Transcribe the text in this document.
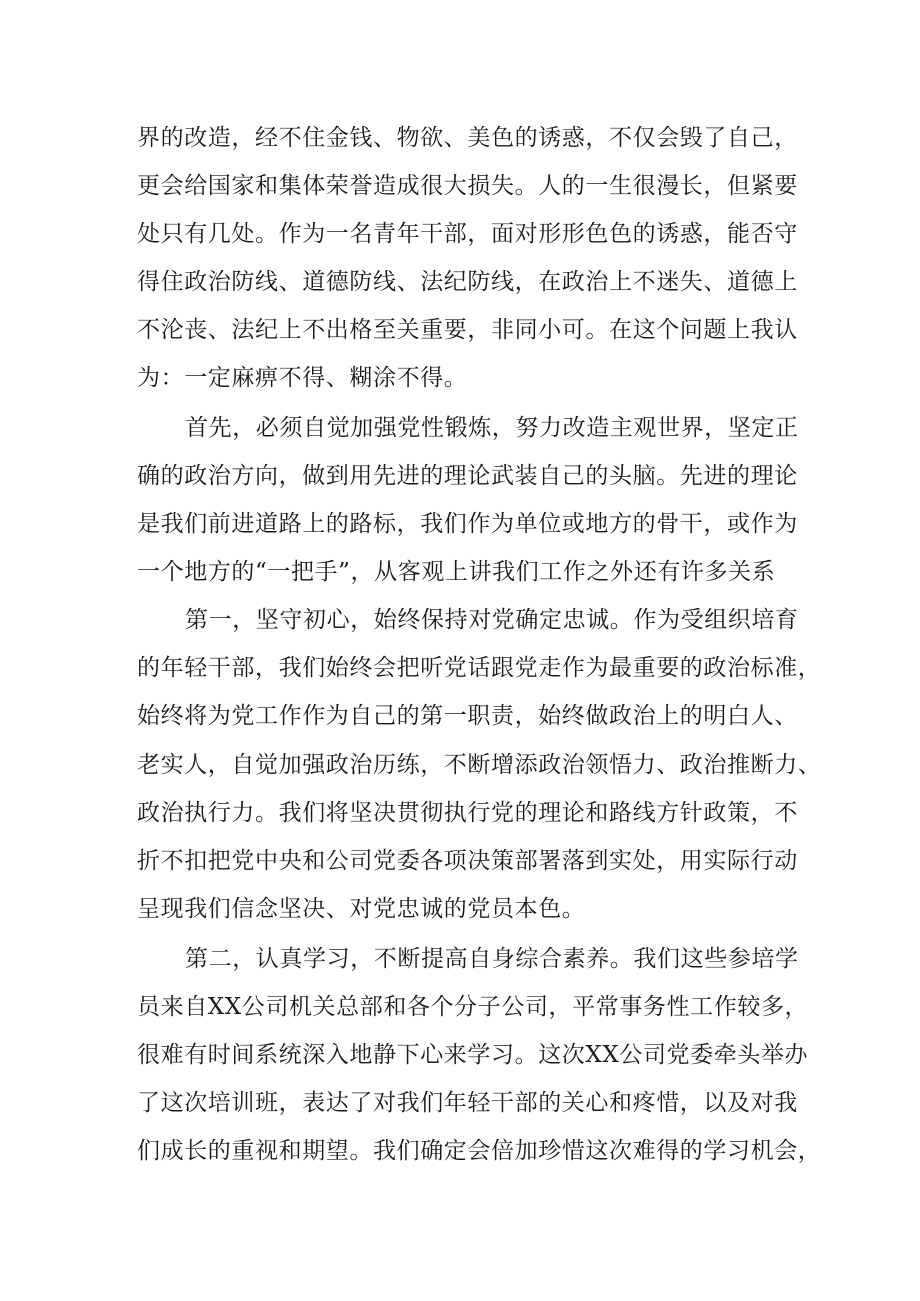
界的改造，经不住金钱、物欲、美色的诱惑，不仅会毁了自己，
更会给国家和集体荣誉造成很大损失。人的一生很漫长，但紧要
处只有几处。作为一名青年干部，面对形形色色的诱惑，能否守
得住政治防线、道德防线、法纪防线，在政治上不迷失、道德上
不沦丧、法纪上不出格至关重要，非同小可。在这个问题上我认
为：一定麻痹不得、糊涂不得。
首先，必须自觉加强党性锻炼，努力改造主观世界，坚定正
确的政治方向，做到用先进的理论武装自己的头脑。先进的理论
是我们前进道路上的路标，我们作为单位或地方的骨干，或作为
一个地方的“一把手”，从客观上讲我们工作之外还有许多关系
第一，坚守初心，始终保持对党确定忠诚。作为受组织培育
的年轻干部，我们始终会把听党话跟党走作为最重要的政治标准，
始终将为党工作作为自己的第一职责，始终做政治上的明白人、
老实人，自觉加强政治历练，不断增添政治领悟力、政治推断力、
政治执行力。我们将坚决贯彻执行党的理论和路线方针政策，不
折不扣把党中央和公司党委各项决策部署落到实处，用实际行动
呈现我们信念坚决、对党忠诚的党员本色。
第二，认真学习，不断提高自身综合素养。我们这些参培学
员来自XX公司机关总部和各个分子公司，平常事务性工作较多，
很难有时间系统深入地静下心来学习。这次XX公司党委牵头举办
了这次培训班，表达了对我们年轻干部的关心和疼惜，以及对我
们成长的重视和期望。我们确定会倍加珍惜这次难得的学习机会，
